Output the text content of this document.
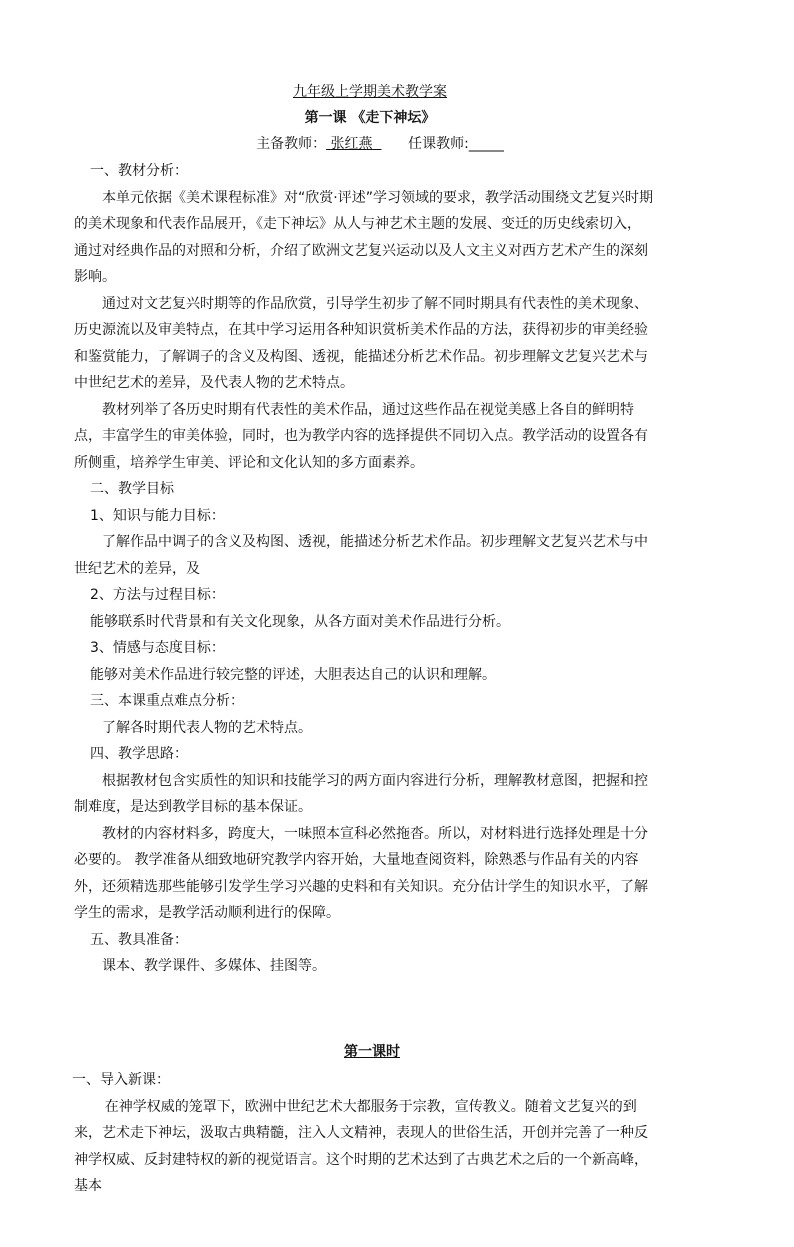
九年级上学期美术教学案
第一课 《走下神坛》
主备教师： 张红燕	任课教师:_____

一、教材分析：

本单元依据《美术课程标准》对“欣赏·评述”学习领域的要求，教学活动围绕文艺复兴时期的美术现象和代表作品展开，《走下神坛》从人与神艺术主题的发展、变迁的历史线索切入，通过对经典作品的对照和分析，介绍了欧洲文艺复兴运动以及人文主义对西方艺术产生的深刻影响。

通过对文艺复兴时期等的作品欣赏，引导学生初步了解不同时期具有代表性的美术现象、历史源流以及审美特点，在其中学习运用各种知识赏析美术作品的方法，获得初步的审美经验和鉴赏能力，了解调子的含义及构图、透视，能描述分析艺术作品。初步理解文艺复兴艺术与中世纪艺术的差异，及代表人物的艺术特点。

教材列举了各历史时期有代表性的美术作品，通过这些作品在视觉美感上各自的鲜明特点，丰富学生的审美体验，同时，也为教学内容的选择提供不同切入点。教学活动的设置各有所侧重，培养学生审美、评论和文化认知的多方面素养。

二、教学目标

1、知识与能力目标：

了解作品中调子的含义及构图、透视，能描述分析艺术作品。初步理解文艺复兴艺术与中世纪艺术的差异，及

2、方法与过程目标：

能够联系时代背景和有关文化现象，从各方面对美术作品进行分析。

3、情感与态度目标：

能够对美术作品进行较完整的评述，大胆表达自己的认识和理解。

三、本课重点难点分析：

了解各时期代表人物的艺术特点。

四、教学思路：

根据教材包含实质性的知识和技能学习的两方面内容进行分析，理解教材意图，把握和控制难度，是达到教学目标的基本保证。

教材的内容材料多，跨度大，一味照本宣科必然拖沓。所以，对材料进行选择处理是十分必要的。 教学准备从细致地研究教学内容开始，大量地查阅资料，除熟悉与作品有关的内容外，还须精选那些能够引发学生学习兴趣的史料和有关知识。充分估计学生的知识水平，了解学生的需求，是教学活动顺利进行的保障。

五、教具准备：

课本、教学课件、多媒体、挂图等。

第一课时

一、导入新课：

在神学权威的笼罩下，欧洲中世纪艺术大都服务于宗教，宣传教义。随着文艺复兴的到来，艺术走下神坛，汲取古典精髓，注入人文精神，表现人的世俗生活，开创并完善了一种反神学权威、反封建特权的新的视觉语言。这个时期的艺术达到了古典艺术之后的一个新高峰，基本
